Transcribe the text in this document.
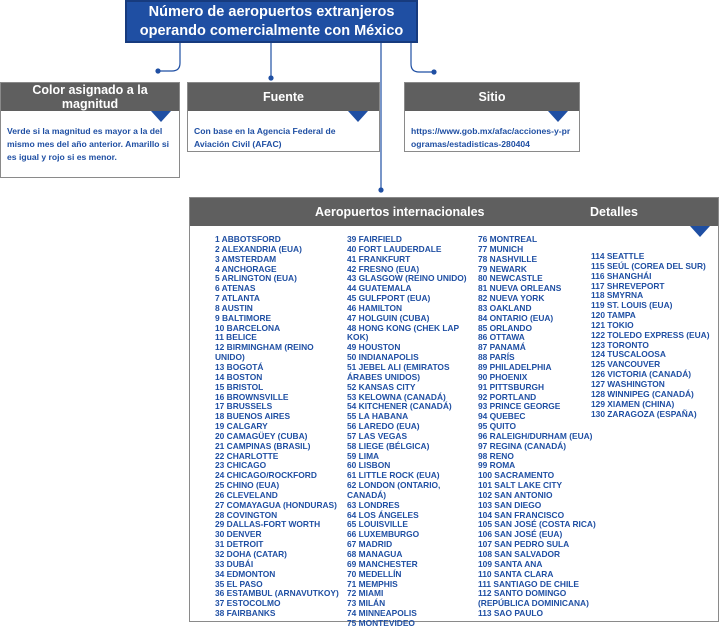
Número de aeropuertos extranjeros operando comercialmente con México
Color asignado a la magnitud
Verde si la magnitud es mayor a la del mismo mes del año anterior. Amarillo si es igual y rojo si es menor.
Fuente
Con base en la Agencia Federal de Aviación Civil (AFAC)
Sitio
https://www.gob.mx/afac/acciones-y-programas/estadisticas-280404
Aeropuertos internacionales	Detalles
1 ABBOTSFORD
2 ALEXANDRIA (EUA)
3 AMSTERDAM
4 ANCHORAGE
5 ARLINGTON (EUA)
6 ATENAS
7 ATLANTA
8 AUSTIN
9 BALTIMORE
10 BARCELONA
11 BELICE
12 BIRMINGHAM (REINO UNIDO)
13 BOGOTÁ
14 BOSTON
15 BRISTOL
16 BROWNSVILLE
17 BRUSSELS
18 BUENOS AIRES
19 CALGARY
20 CAMAGÜEY (CUBA)
21 CAMPINAS (BRASIL)
22 CHARLOTTE
23 CHICAGO
24 CHICAGO/ROCKFORD
25 CHINO (EUA)
26 CLEVELAND
27 COMAYAGUA (HONDURAS)
28 COVINGTON
29 DALLAS-FORT WORTH
30 DENVER
31 DETROIT
32 DOHA (CATAR)
33 DUBÁI
34 EDMONTON
35 EL PASO
36 ESTAMBUL (ARNAVUTKOY)
37 ESTOCOLMO
38 FAIRBANKS
39 FAIRFIELD
40 FORT LAUDERDALE
41 FRANKFURT
42 FRESNO (EUA)
43 GLASGOW (REINO UNIDO)
44 GUATEMALA
45 GULFPORT (EUA)
46 HAMILTON
47 HOLGUIN (CUBA)
48 HONG KONG (CHEK LAP KOK)
49 HOUSTON
50 INDIANAPOLIS
51 JEBEL ALI (EMIRATOS ÁRABES UNIDOS)
52 KANSAS CITY
53 KELOWNA (CANADÁ)
54 KITCHENER (CANADÁ)
55 LA HABANA
56 LAREDO (EUA)
57 LAS VEGAS
58 LIEGE (BÉLGICA)
59 LIMA
60 LISBON
61 LITTLE ROCK (EUA)
62 LONDON (ONTARIO, CANADÁ)
63 LONDRES
64 LOS ÁNGELES
65 LOUISVILLE
66 LUXEMBURGO
67 MADRID
68 MANAGUA
69 MANCHESTER
70 MEDELLÍN
71 MEMPHIS
72 MIAMI
73 MILÁN
74 MINNEAPOLIS
75 MONTEVIDEO
76 MONTREAL
77 MUNICH
78 NASHVILLE
79 NEWARK
80 NEWCASTLE
81 NUEVA ORLEANS
82 NUEVA YORK
83 OAKLAND
84 ONTARIO (EUA)
85 ORLANDO
86 OTTAWA
87 PANAMÁ
88 PARÍS
89 PHILADELPHIA
90 PHOENIX
91 PITTSBURGH
92 PORTLAND
93 PRINCE GEORGE
94 QUEBEC
95 QUITO
96 RALEIGH/DURHAM (EUA)
97 REGINA (CANADÁ)
98 RENO
99 ROMA
100 SACRAMENTO
101 SALT LAKE CITY
102 SAN ANTONIO
103 SAN DIEGO
104 SAN FRANCISCO
105 SAN JOSÉ (COSTA RICA)
106 SAN JOSÉ (EUA)
107 SAN PEDRO SULA
108 SAN SALVADOR
109 SANTA ANA
110 SANTA CLARA
111 SANTIAGO DE CHILE
112 SANTO DOMINGO (REPÚBLICA DOMINICANA)
113 SAO PAULO
114 SEATTLE
115 SEÚL (COREA DEL SUR)
116 SHANGHÁI
117 SHREVEPORT
118 SMYRNA
119 ST. LOUIS (EUA)
120 TAMPA
121 TOKIO
122 TOLEDO EXPRESS (EUA)
123 TORONTO
124 TUSCALOOSA
125 VANCOUVER
126 VICTORIA (CANADÁ)
127 WASHINGTON
128 WINNIPEG (CANADÁ)
129 XIAMEN (CHINA)
130 ZARAGOZA (ESPAÑA)
